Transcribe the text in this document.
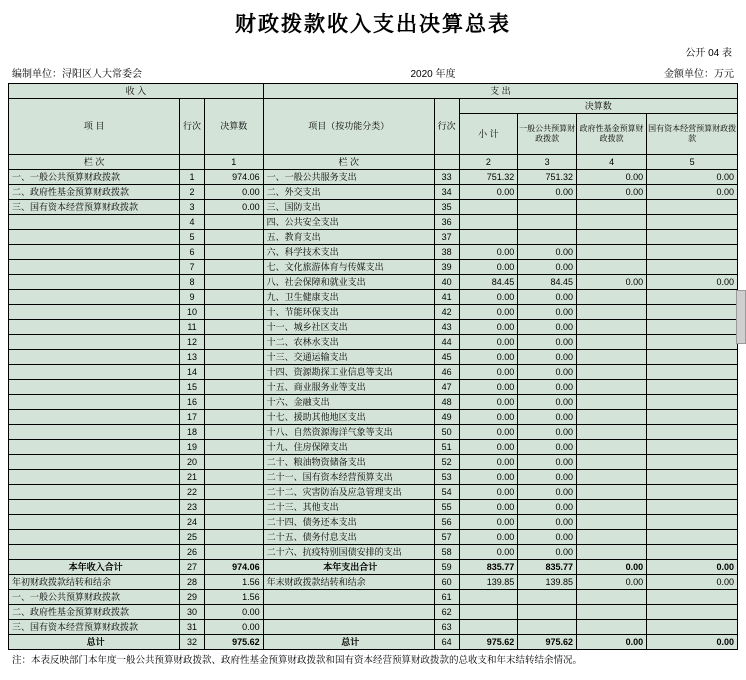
财政拨款收入支出决算总表
公开 04 表
编制单位：浔阳区人大常委会	2020 年度	金额单位：万元
收 入			支 出					
项 目	行次	决算数	项目（按功能分类）	行次	决算数			
					小 计	一般公共预算财政拨款	政府性基金预算财政拨款	国有资本经营预算财政拨款
栏 次		1	栏 次		2	3	4	5
一、一般公共预算财政拨款	1	974.06	一、一般公共服务支出	33	751.32	751.32	0.00	0.00
二、政府性基金预算财政拨款	2	0.00	二、外交支出	34	0.00	0.00	0.00	0.00
三、国有资本经营预算财政拨款	3	0.00	三、国防支出	35				
	4		四、公共安全支出	36				
	5		五、教育支出	37				
	6		六、科学技术支出	38	0.00	0.00		
	7		七、文化旅游体育与传媒支出	39	0.00	0.00		
	8		八、社会保障和就业支出	40	84.45	84.45	0.00	0.00
	9		九、卫生健康支出	41	0.00	0.00		
	10		十、节能环保支出	42	0.00	0.00		
	11		十一、城乡社区支出	43	0.00	0.00		
	12		十二、农林水支出	44	0.00	0.00		
	13		十三、交通运输支出	45	0.00	0.00		
	14		十四、资源勘探工业信息等支出	46	0.00	0.00		
	15		十五、商业服务业等支出	47	0.00	0.00		
	16		十六、金融支出	48	0.00	0.00		
	17		十七、援助其他地区支出	49	0.00	0.00		
	18		十八、自然资源海洋气象等支出	50	0.00	0.00		
	19		十九、住房保障支出	51	0.00	0.00		
	20		二十、粮油物资储备支出	52	0.00	0.00		
	21		二十一、国有资本经营预算支出	53	0.00	0.00		
	22		二十二、灾害防治及应急管理支出	54	0.00	0.00		
	23		二十三、其他支出	55	0.00	0.00		
	24		二十四、债务还本支出	56	0.00	0.00		
	25		二十五、债务付息支出	57	0.00	0.00		
	26		二十六、抗疫特别国债安排的支出	58	0.00	0.00		
本年收入合计	27	974.06	本年支出合计	59	835.77	835.77	0.00	0.00
年初财政拨款结转和结余	28	1.56	年末财政拨款结转和结余	60	139.85	139.85	0.00	0.00
一、一般公共预算财政拨款	29	1.56		61				
二、政府性基金预算财政拨款	30	0.00		62				
三、国有资本经营预算财政拨款	31	0.00		63				
总计	32	975.62	总计	64	975.62	975.62	0.00	0.00
注：本表反映部门本年度一般公共预算财政拨款、政府性基金预算财政拨款和国有资本经营预算财政拨款的总收支和年末结转结余情况。
